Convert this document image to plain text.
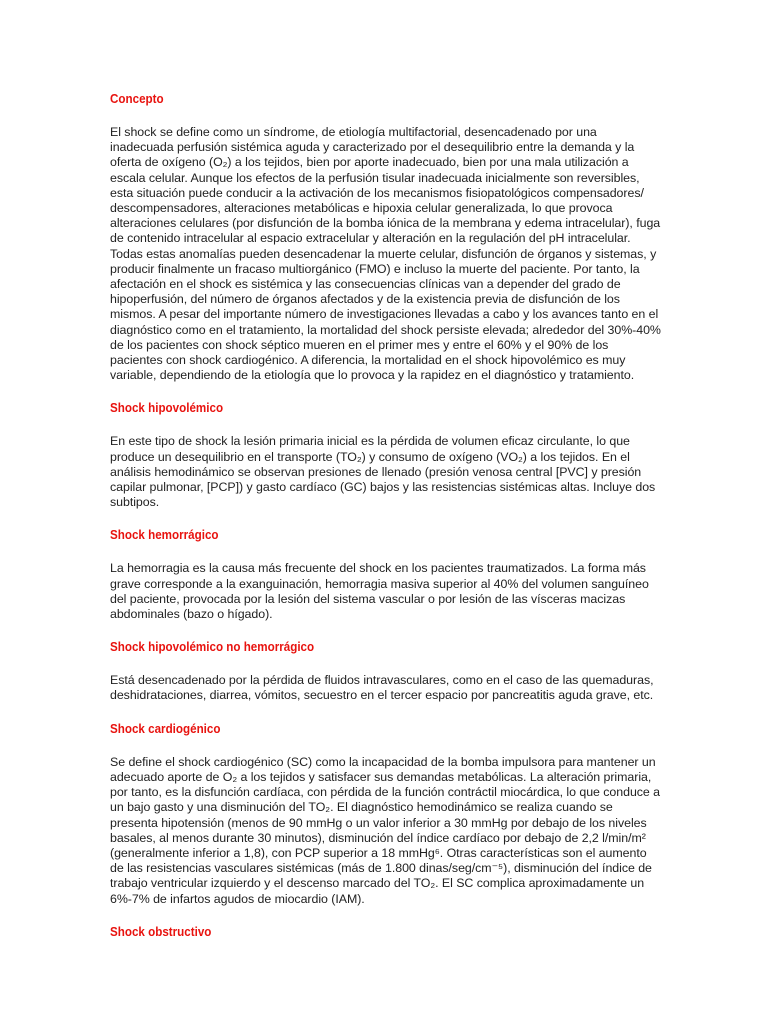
Concepto

El shock se define como un síndrome, de etiología multifactorial, desencadenado por una inadecuada perfusión sistémica aguda y caracterizado por el desequilibrio entre la demanda y la oferta de oxígeno (O₂) a los tejidos, bien por aporte inadecuado, bien por una mala utilización a escala celular. Aunque los efectos de la perfusión tisular inadecuada inicialmente son reversibles, esta situación puede conducir a la activación de los mecanismos fisiopatológicos compensadores/ descompensadores, alteraciones metabólicas e hipoxia celular generalizada, lo que provoca alteraciones celulares (por disfunción de la bomba iónica de la membrana y edema intracelular), fuga de contenido intracelular al espacio extracelular y alteración en la regulación del pH intracelular. Todas estas anomalías pueden desencadenar la muerte celular, disfunción de órganos y sistemas, y producir finalmente un fracaso multiorgánico (FMO) e incluso la muerte del paciente. Por tanto, la afectación en el shock es sistémica y las consecuencias clínicas van a depender del grado de hipoperfusión, del número de órganos afectados y de la existencia previa de disfunción de los mismos. A pesar del importante número de investigaciones llevadas a cabo y los avances tanto en el diagnóstico como en el tratamiento, la mortalidad del shock persiste elevada; alrededor del 30%-40% de los pacientes con shock séptico mueren en el primer mes y entre el 60% y el 90% de los pacientes con shock cardiogénico. A diferencia, la mortalidad en el shock hipovolémico es muy variable, dependiendo de la etiología que lo provoca y la rapidez en el diagnóstico y tratamiento.

Shock hipovolémico

En este tipo de shock la lesión primaria inicial es la pérdida de volumen eficaz circulante, lo que produce un desequilibrio en el transporte (TO₂) y consumo de oxígeno (VO₂) a los tejidos. En el análisis hemodinámico se observan presiones de llenado (presión venosa central [PVC] y presión capilar pulmonar, [PCP]) y gasto cardíaco (GC) bajos y las resistencias sistémicas altas. Incluye dos subtipos.

Shock hemorrágico

La hemorragia es la causa más frecuente del shock en los pacientes traumatizados. La forma más grave corresponde a la exanguinación, hemorragia masiva superior al 40% del volumen sanguíneo del paciente, provocada por la lesión del sistema vascular o por lesión de las vísceras macizas abdominales (bazo o hígado).

Shock hipovolémico no hemorrágico

Está desencadenado por la pérdida de fluidos intravasculares, como en el caso de las quemaduras, deshidrataciones, diarrea, vómitos, secuestro en el tercer espacio por pancreatitis aguda grave, etc.

Shock cardiogénico

Se define el shock cardiogénico (SC) como la incapacidad de la bomba impulsora para mantener un adecuado aporte de O₂ a los tejidos y satisfacer sus demandas metabólicas. La alteración primaria, por tanto, es la disfunción cardíaca, con pérdida de la función contráctil miocárdica, lo que conduce a un bajo gasto y una disminución del TO₂. El diagnóstico hemodinámico se realiza cuando se presenta hipotensión (menos de 90 mmHg o un valor inferior a 30 mmHg por debajo de los niveles basales, al menos durante 30 minutos), disminución del índice cardíaco por debajo de 2,2 l/min/m² (generalmente inferior a 1,8), con PCP superior a 18 mmHg⁶. Otras características son el aumento de las resistencias vasculares sistémicas (más de 1.800 dinas/seg/cm⁻⁵), disminución del índice de trabajo ventricular izquierdo y el descenso marcado del TO₂. El SC complica aproximadamente un 6%-7% de infartos agudos de miocardio (IAM).

Shock obstructivo
